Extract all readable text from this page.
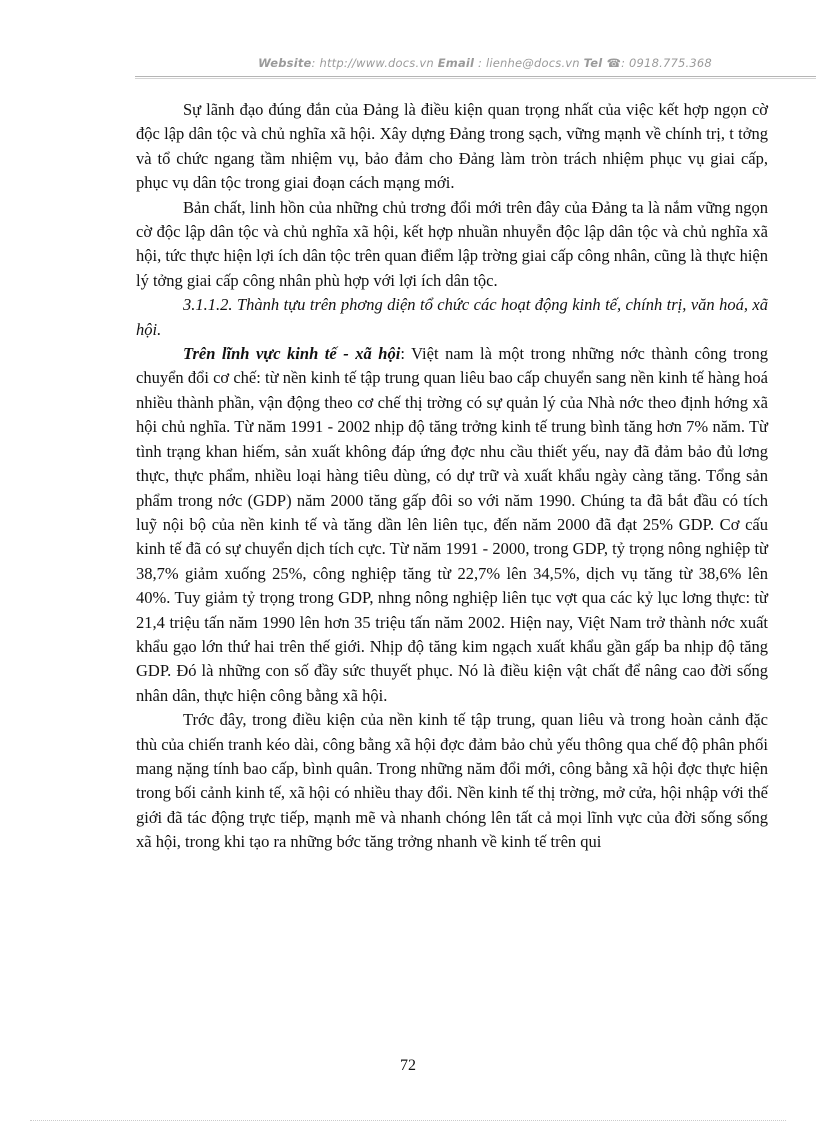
Website: http://www.docs.vn Email : lienhe@docs.vn Tel ☎: 0918.775.368

Sự lãnh đạo đúng đắn của Đảng là điều kiện quan trọng nhất của việc kết hợp ngọn cờ độc lập dân tộc và chủ nghĩa xã hội. Xây dựng Đảng trong sạch, vững mạnh về chính trị, t tởng và tổ chức ngang tầm nhiệm vụ, bảo đảm cho Đảng làm tròn trách nhiệm phục vụ giai cấp, phục vụ dân tộc trong giai đoạn cách mạng mới.

Bản chất, linh hồn của những chủ trơng đổi mới trên đây của Đảng ta là nắm vững ngọn cờ độc lập dân tộc và chủ nghĩa xã hội, kết hợp nhuần nhuyễn độc lập dân tộc và chủ nghĩa xã hội, tức thực hiện lợi ích dân tộc trên quan điểm lập trờng giai cấp công nhân, cũng là thực hiện lý tởng giai cấp công nhân phù hợp với lợi ích dân tộc.

3.1.1.2. Thành tựu trên phơng diện tổ chức các hoạt động kinh tế, chính trị, văn hoá, xã hội.

Trên lĩnh vực kinh tế - xã hội: Việt nam là một trong những nớc thành công trong chuyển đổi cơ chế: từ nền kinh tế tập trung quan liêu bao cấp chuyển sang nền kinh tế hàng hoá nhiều thành phần, vận động theo cơ chế thị trờng có sự quản lý của Nhà nớc theo định hớng xã hội chủ nghĩa. Từ năm 1991 - 2002 nhịp độ tăng trởng kinh tế trung bình tăng hơn 7% năm. Từ tình trạng khan hiếm, sản xuất không đáp ứng đợc nhu cầu thiết yếu, nay đã đảm bảo đủ lơng thực, thực phẩm, nhiều loại hàng tiêu dùng, có dự trữ và xuất khẩu ngày càng tăng. Tổng sản phẩm trong nớc (GDP) năm 2000 tăng gấp đôi so với năm 1990. Chúng ta đã bắt đầu có tích luỹ nội bộ của nền kinh tế và tăng dần lên liên tục, đến năm 2000 đã đạt 25% GDP. Cơ cấu kinh tế đã có sự chuyển dịch tích cực. Từ năm 1991 - 2000, trong GDP, tỷ trọng nông nghiệp từ 38,7% giảm xuống 25%, công nghiệp tăng từ 22,7% lên 34,5%, dịch vụ tăng từ 38,6% lên 40%. Tuy giảm tỷ trọng trong GDP, nhng nông nghiệp liên tục vợt qua các kỷ lục lơng thực: từ 21,4 triệu tấn năm 1990 lên hơn 35 triệu tấn năm 2002. Hiện nay, Việt Nam trở thành nớc xuất khẩu gạo lớn thứ hai trên thế giới. Nhịp độ tăng kim ngạch xuất khẩu gần gấp ba nhịp độ tăng GDP. Đó là những con số đầy sức thuyết phục. Nó là điều kiện vật chất để nâng cao đời sống nhân dân, thực hiện công bằng xã hội.

Trớc đây, trong điều kiện của nền kinh tế tập trung, quan liêu và trong hoàn cảnh đặc thù của chiến tranh kéo dài, công bằng xã hội đợc đảm bảo chủ yếu thông qua chế độ phân phối mang nặng tính bao cấp, bình quân. Trong những năm đổi mới, công bằng xã hội đợc thực hiện trong bối cảnh kinh tế, xã hội có nhiều thay đổi. Nền kinh tế thị trờng, mở cửa, hội nhập với thế giới đã tác động trực tiếp, mạnh mẽ và nhanh chóng lên tất cả mọi lĩnh vực của đời sống sống xã hội, trong khi tạo ra những bớc tăng trởng nhanh về kinh tế trên qui

72
